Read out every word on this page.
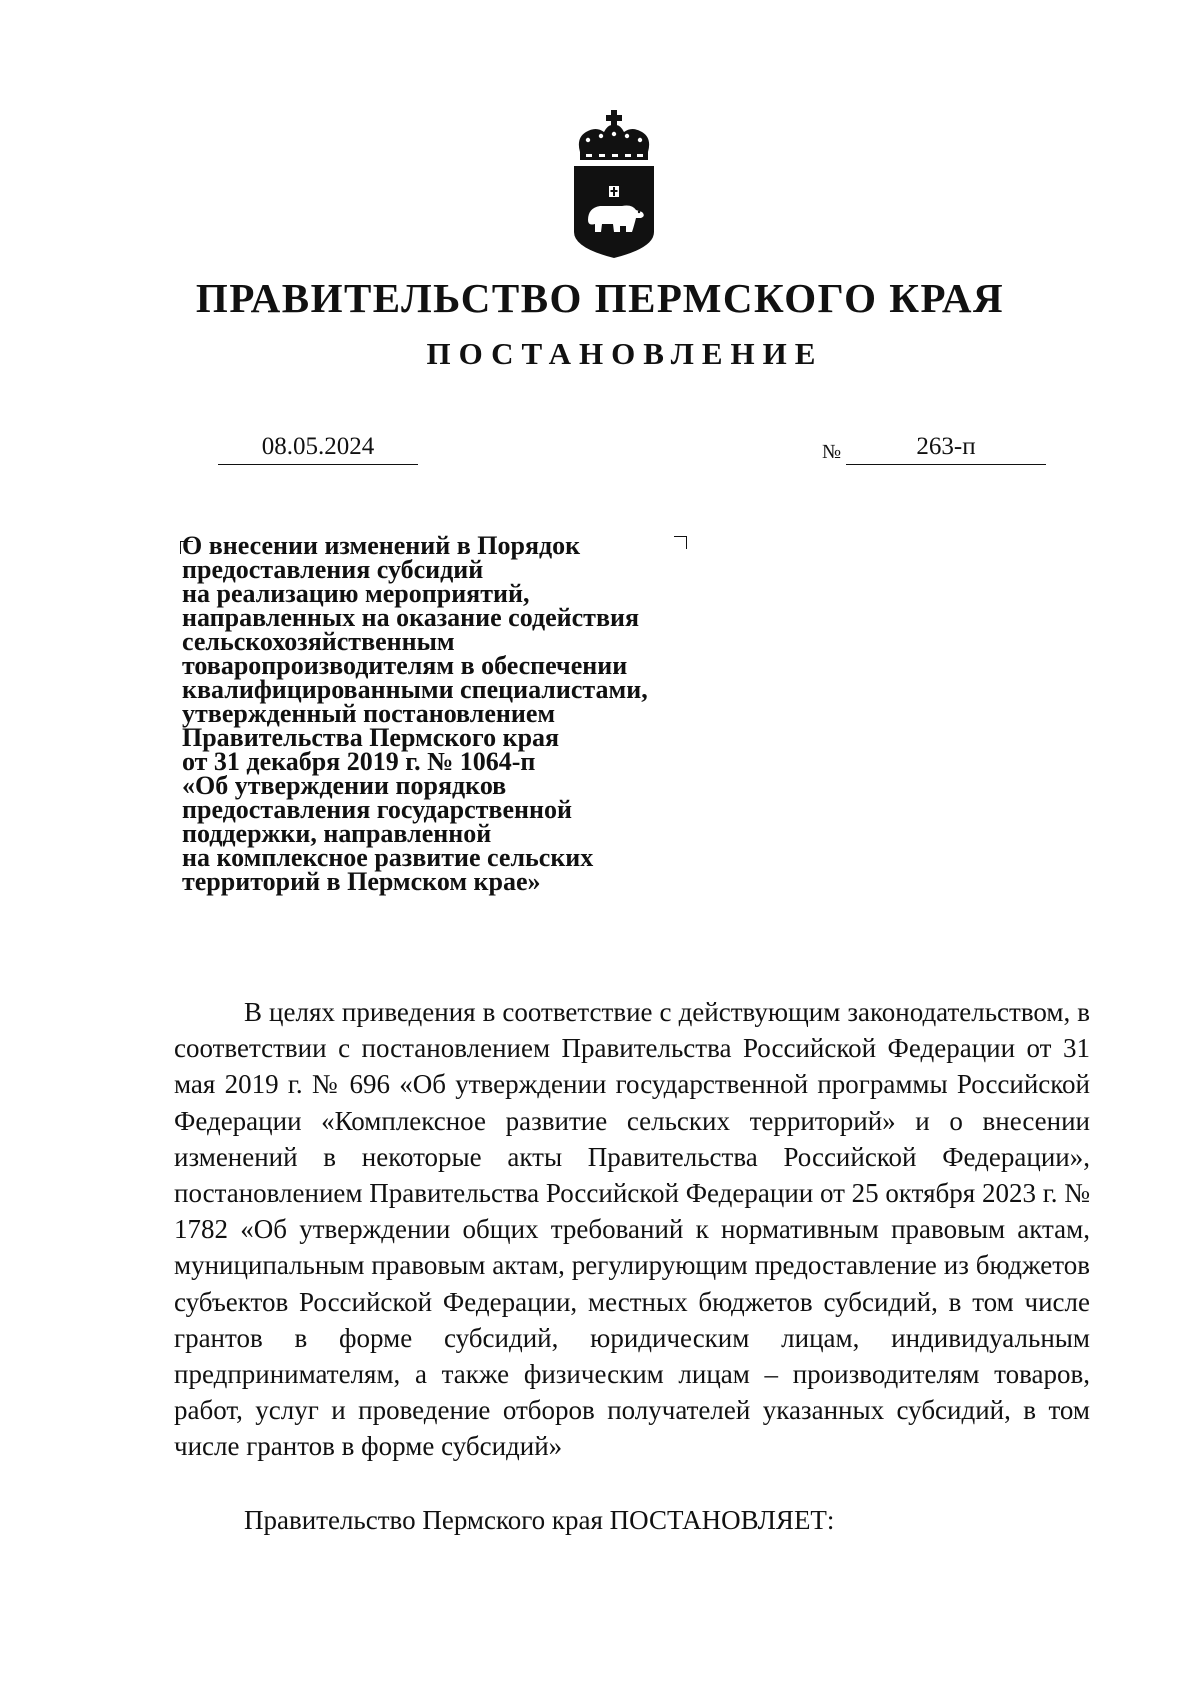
ПРАВИТЕЛЬСТВО ПЕРМСКОГО КРАЯ
ПОСТАНОВЛЕНИЕ
08.05.2024	№	263-п
О внесении изменений в Порядок
предоставления субсидий
на реализацию мероприятий,
направленных на оказание содействия
сельскохозяйственным
товаропроизводителям в обеспечении
квалифицированными специалистами,
утвержденный постановлением
Правительства Пермского края
от 31 декабря 2019 г. № 1064-п
«Об утверждении порядков
предоставления государственной
поддержки, направленной
на комплексное развитие сельских
территорий в Пермском крае»

В целях приведения в соответствие с действующим законодательством, в соответствии с постановлением Правительства Российской Федерации от 31 мая 2019 г. № 696 «Об утверждении государственной программы Российской Федерации «Комплексное развитие сельских территорий» и о внесении изменений в некоторые акты Правительства Российской Федерации», постановлением Правительства Российской Федерации от 25 октября 2023 г. № 1782 «Об утверждении общих требований к нормативным правовым актам, муниципальным правовым актам, регулирующим предоставление из бюджетов субъектов Российской Федерации, местных бюджетов субсидий, в том числе грантов в форме субсидий, юридическим лицам, индивидуальным предпринимателям, а также физическим лицам – производителям товаров, работ, услуг и проведение отборов получателей указанных субсидий, в том числе грантов в форме субсидий»

Правительство Пермского края ПОСТАНОВЛЯЕТ:
